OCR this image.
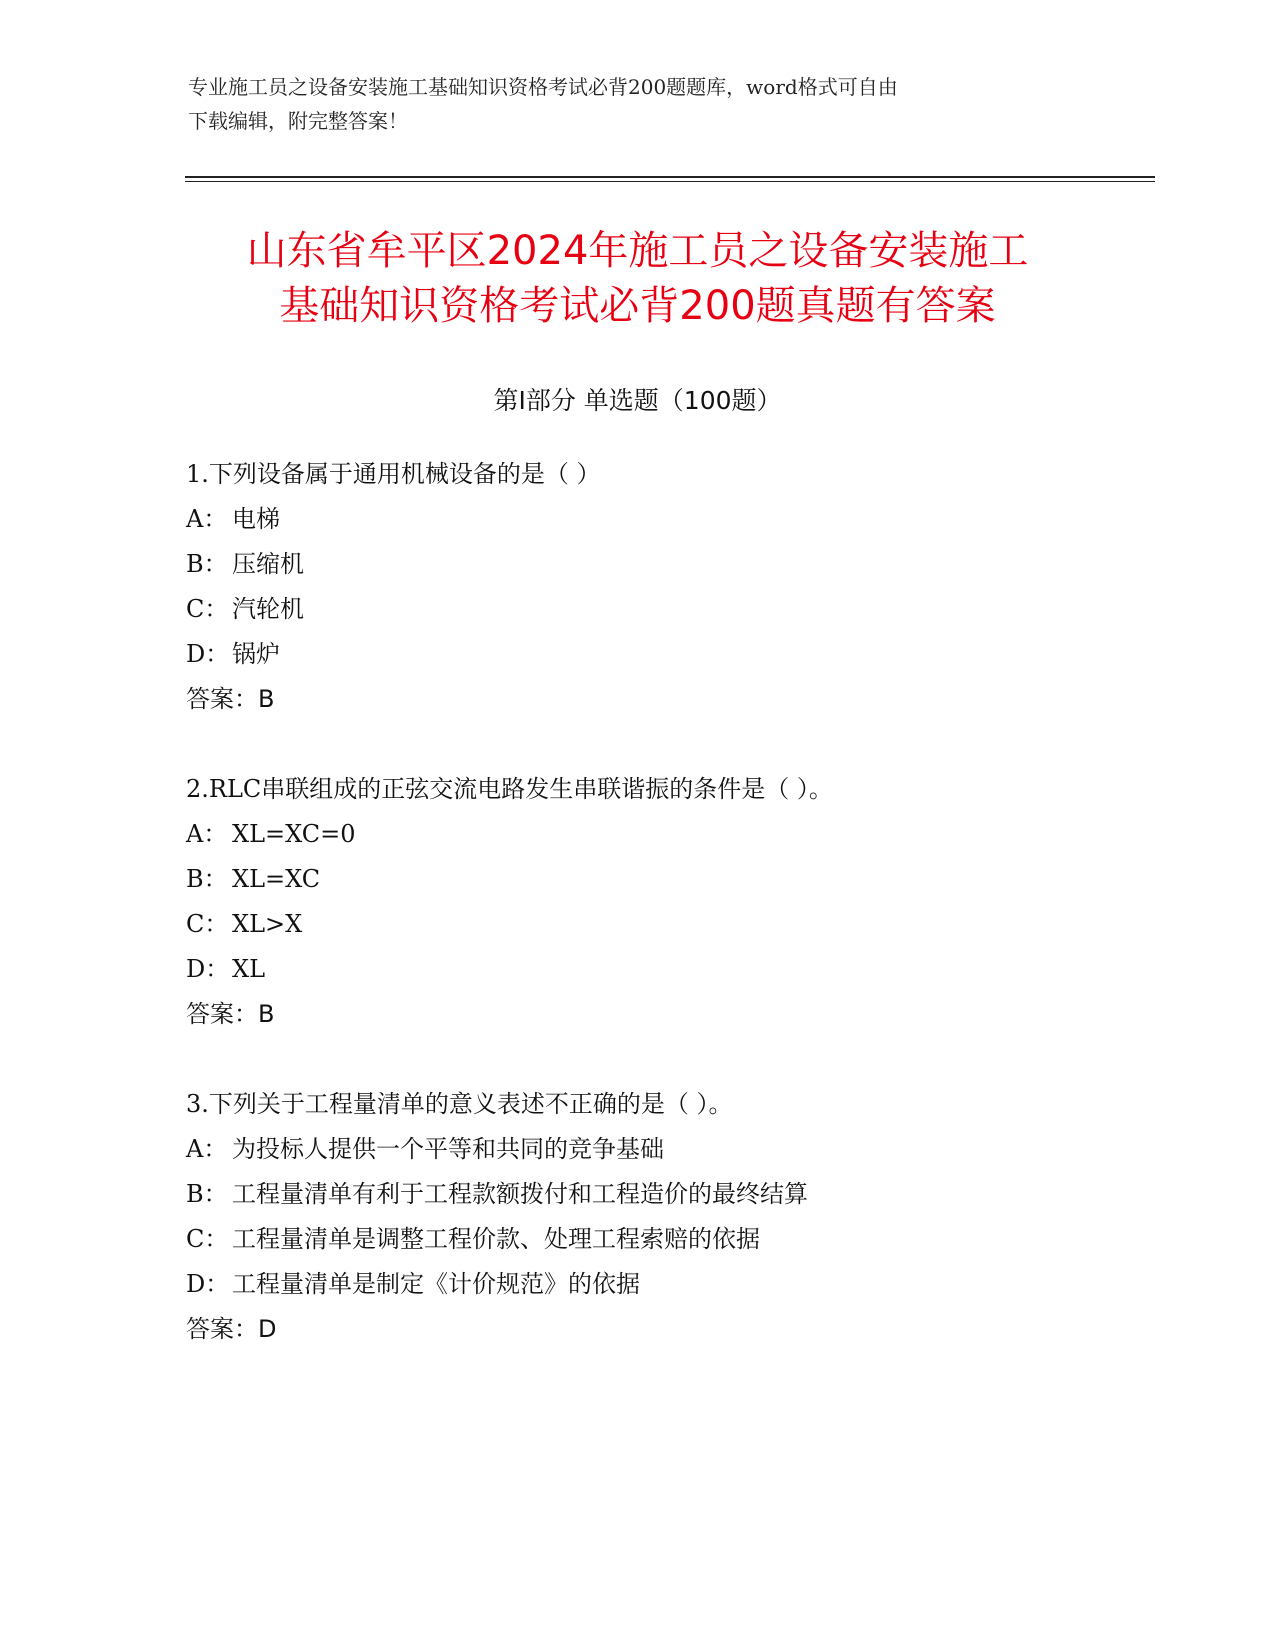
专业施工员之设备安装施工基础知识资格考试必背200题题库，word格式可自由
下载编辑，附完整答案！
山东省牟平区2024年施工员之设备安装施工
基础知识资格考试必背200题真题有答案
第Ⅰ部分 单选题（100题）
1.下列设备属于通用机械设备的是（ ）
A： 电梯
B： 压缩机
C： 汽轮机
D： 锅炉
答案：B
2.RLC串联组成的正弦交流电路发生串联谐振的条件是（ ）。
A： XL=XC=0
B： XL=XC
C： XL>X
D： XL
答案：B
3.下列关于工程量清单的意义表述不正确的是（ ）。
A： 为投标人提供一个平等和共同的竞争基础
B： 工程量清单有利于工程款额拨付和工程造价的最终结算
C： 工程量清单是调整工程价款、处理工程索赔的依据
D： 工程量清单是制定《计价规范》的依据
答案：D
